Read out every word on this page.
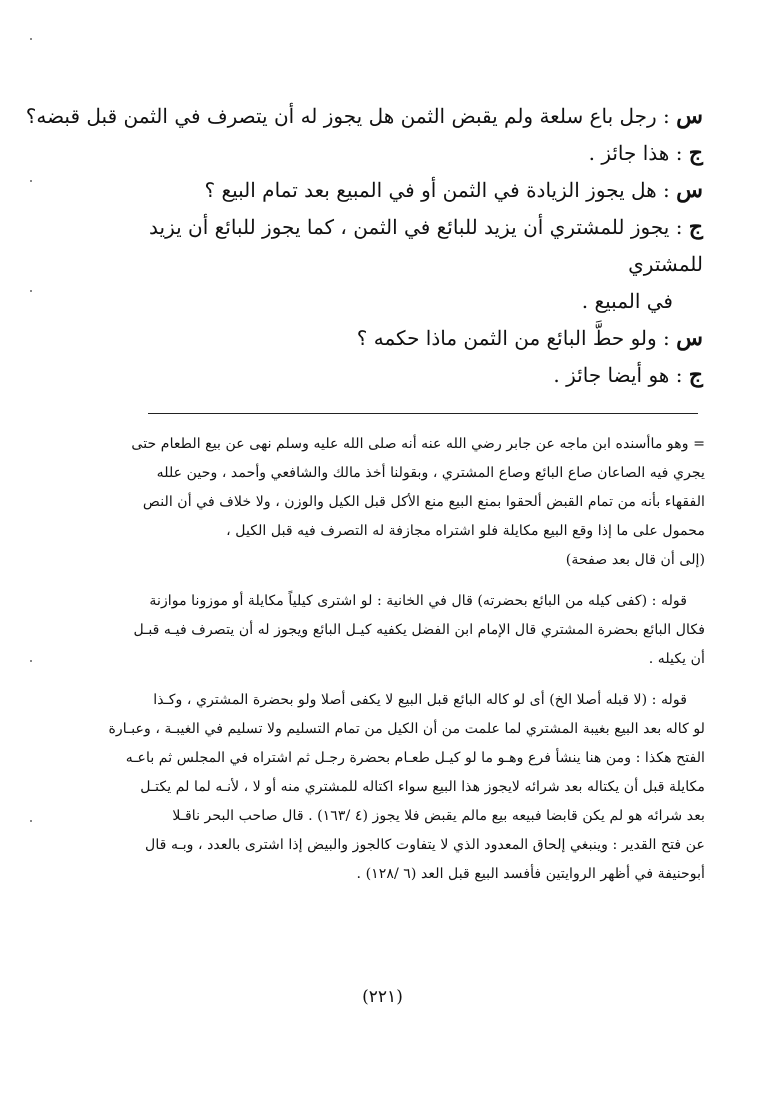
س : رجل باع سلعة ولم يقبض الثمن هل يجوز له أن يتصرف في الثمن قبل قبضه؟

ج : هذا جائز .

س : هل يجوز الزيادة في الثمن أو في المبيع بعد تمام البيع ؟

ج : يجوز للمشتري أن يزيد للبائع في الثمن ، كما يجوز للبائع أن يزيد للمشتري
في المبيع .

س : ولو حطَّ البائع من الثمن ماذا حكمه ؟

ج : هو أيضا جائز .

= وهو ماأسنده ابن ماجه عن جابر رضي الله عنه أنه صلى الله عليه وسلم نهى عن بيع الطعام حتى
يجري فيه الصاعان صاع البائع وصاع المشتري ، وبقولنا أخذ مالك والشافعي وأحمد ، وحين علله
الفقهاء بأنه من تمام القبض ألحقوا بمنع البيع منع الأكل قبل الكيل والوزن ، ولا خلاف في أن النص
محمول على ما إذا وقع البيع مكايلة فلو اشتراه مجازفة له التصرف فيه قبل الكيل ،
(إلى أن قال بعد صفحة)
قوله : (كفى كيله من البائع بحضرته) قال في الخانية : لو اشترى كيلياً مكايلة أو موزونا موازنة
فكال البائع بحضرة المشتري قال الإمام ابن الفضل يكفيه كيـل البائع ويجوز له أن يتصرف فيـه قبـل
أن يكيله .
قوله : (لا قبله أصلا الخ) أى لو كاله البائع قبل البيع لا يكفى أصلا ولو بحضرة المشتري ، وكـذا
لو كاله بعد البيع بغيبة المشتري لما علمت من أن الكيل من تمام التسليم ولا تسليم في الغيبـة ، وعبـارة
الفتح هكذا : ومن هنا ينشأ فرع وهـو ما لو كيـل طعـام بحضرة رجـل ثم اشتراه في المجلس ثم باعـه
مكايلة قبل أن يكتاله بعد شرائه لايجوز هذا البيع سواء اكتاله للمشتري منه أو لا ، لأنـه لما لم يكتـل
بعد شرائه هو لم يكن قابضا فبيعه بيع مالم يقبض فلا يجوز (٤ /١٦٣) . قال صاحب البحر ناقـلا
عن فتح القدير : وينبغي إلحاق المعدود الذي لا يتفاوت كالجوز والبيض إذا اشترى بالعدد ، وبـه قال
أبوحنيفة في أظهر الروايتين فأفسد البيع قبل العد (٦ /١٢٨) .
(٢٢١)
